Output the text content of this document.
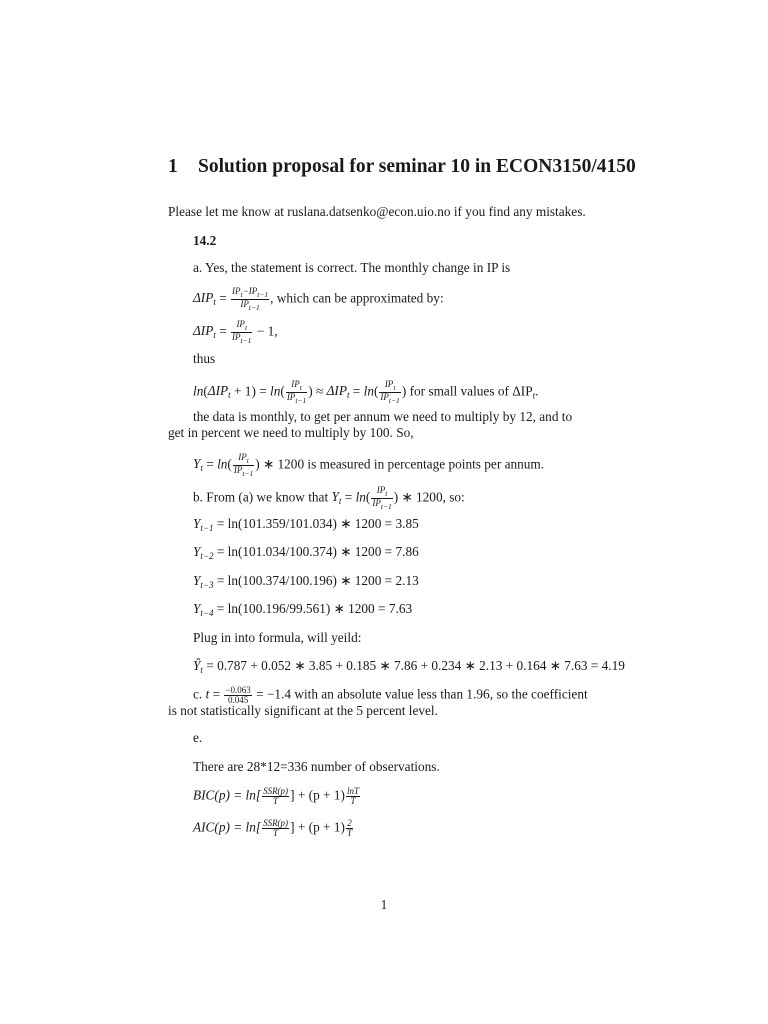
1 Solution proposal for seminar 10 in ECON3150/4150
Please let me know at ruslana.datsenko@econ.uio.no if you find any mistakes.
14.2
a. Yes, the statement is correct. The monthly change in IP is
$\Delta IP_t = \frac{IP_t-IP_{t-1}}{IP_{t-1}}$ , which can be approximated by:
$\Delta IP_t = \frac{IP_t}{IP_{t-1}} - 1$,
thus
$\ln(\Delta IP_t + 1) = \ln( \frac{IP_t}{IP_{t-1}}$ ) ≈ $\Delta IP_t = \ln( \frac{IP_t}{IP_{t-1}}$ ) for small values of $\Delta IP_t$.
the data is monthly, to get per annum we need to multiply by 12, and to
get in percent we need to multiply by 100. So,
$Y_t = \ln( \frac{IP_t}{IP_{t-1}}$ ) ∗ 1200 is measured in percentage points per annum.
b. From (a) we know that $Y_t = \ln( \frac{IP_t}{IP_{t-1}}$ ) ∗ 1200, so:
$Y_{t-1} = \ln(101.359/101.034)$ ∗ 1200 = 3.85
$Y_{t-2} = \ln(101.034/100.374)$ ∗ 1200 = 7.86
$Y_{t-3} = \ln(100.374/100.196)$ ∗ 1200 = 2.13
$Y_{t-4} = \ln(100.196/99.561)$ ∗ 1200 = 7.63
Plug in into formula, will yeild:
$Ŷ_t = 0.787 + 0.052$ ∗ 3.85 + 0.185 ∗ 7.86 + 0.234 ∗ 2.13 + 0.164 ∗ 7.63 = 4.19
c. $t = \frac{-0.063}{0.045} = -1.4$ with an absolute value less than 1.96, so the coefficient
is not statistically significant at the 5 percent level.
e.
There are 28*12=336 number of observations.
$BIC(p) = \ln[ \frac{\text{SSR(p)}}{T}$ ] + $(p + 1) \frac{\ln T}{T}$
$AIC(p) = \ln[ \frac{\text{SSR(p)}}{T}$ ] + $(p + 1) \frac{2}{T}$
1
